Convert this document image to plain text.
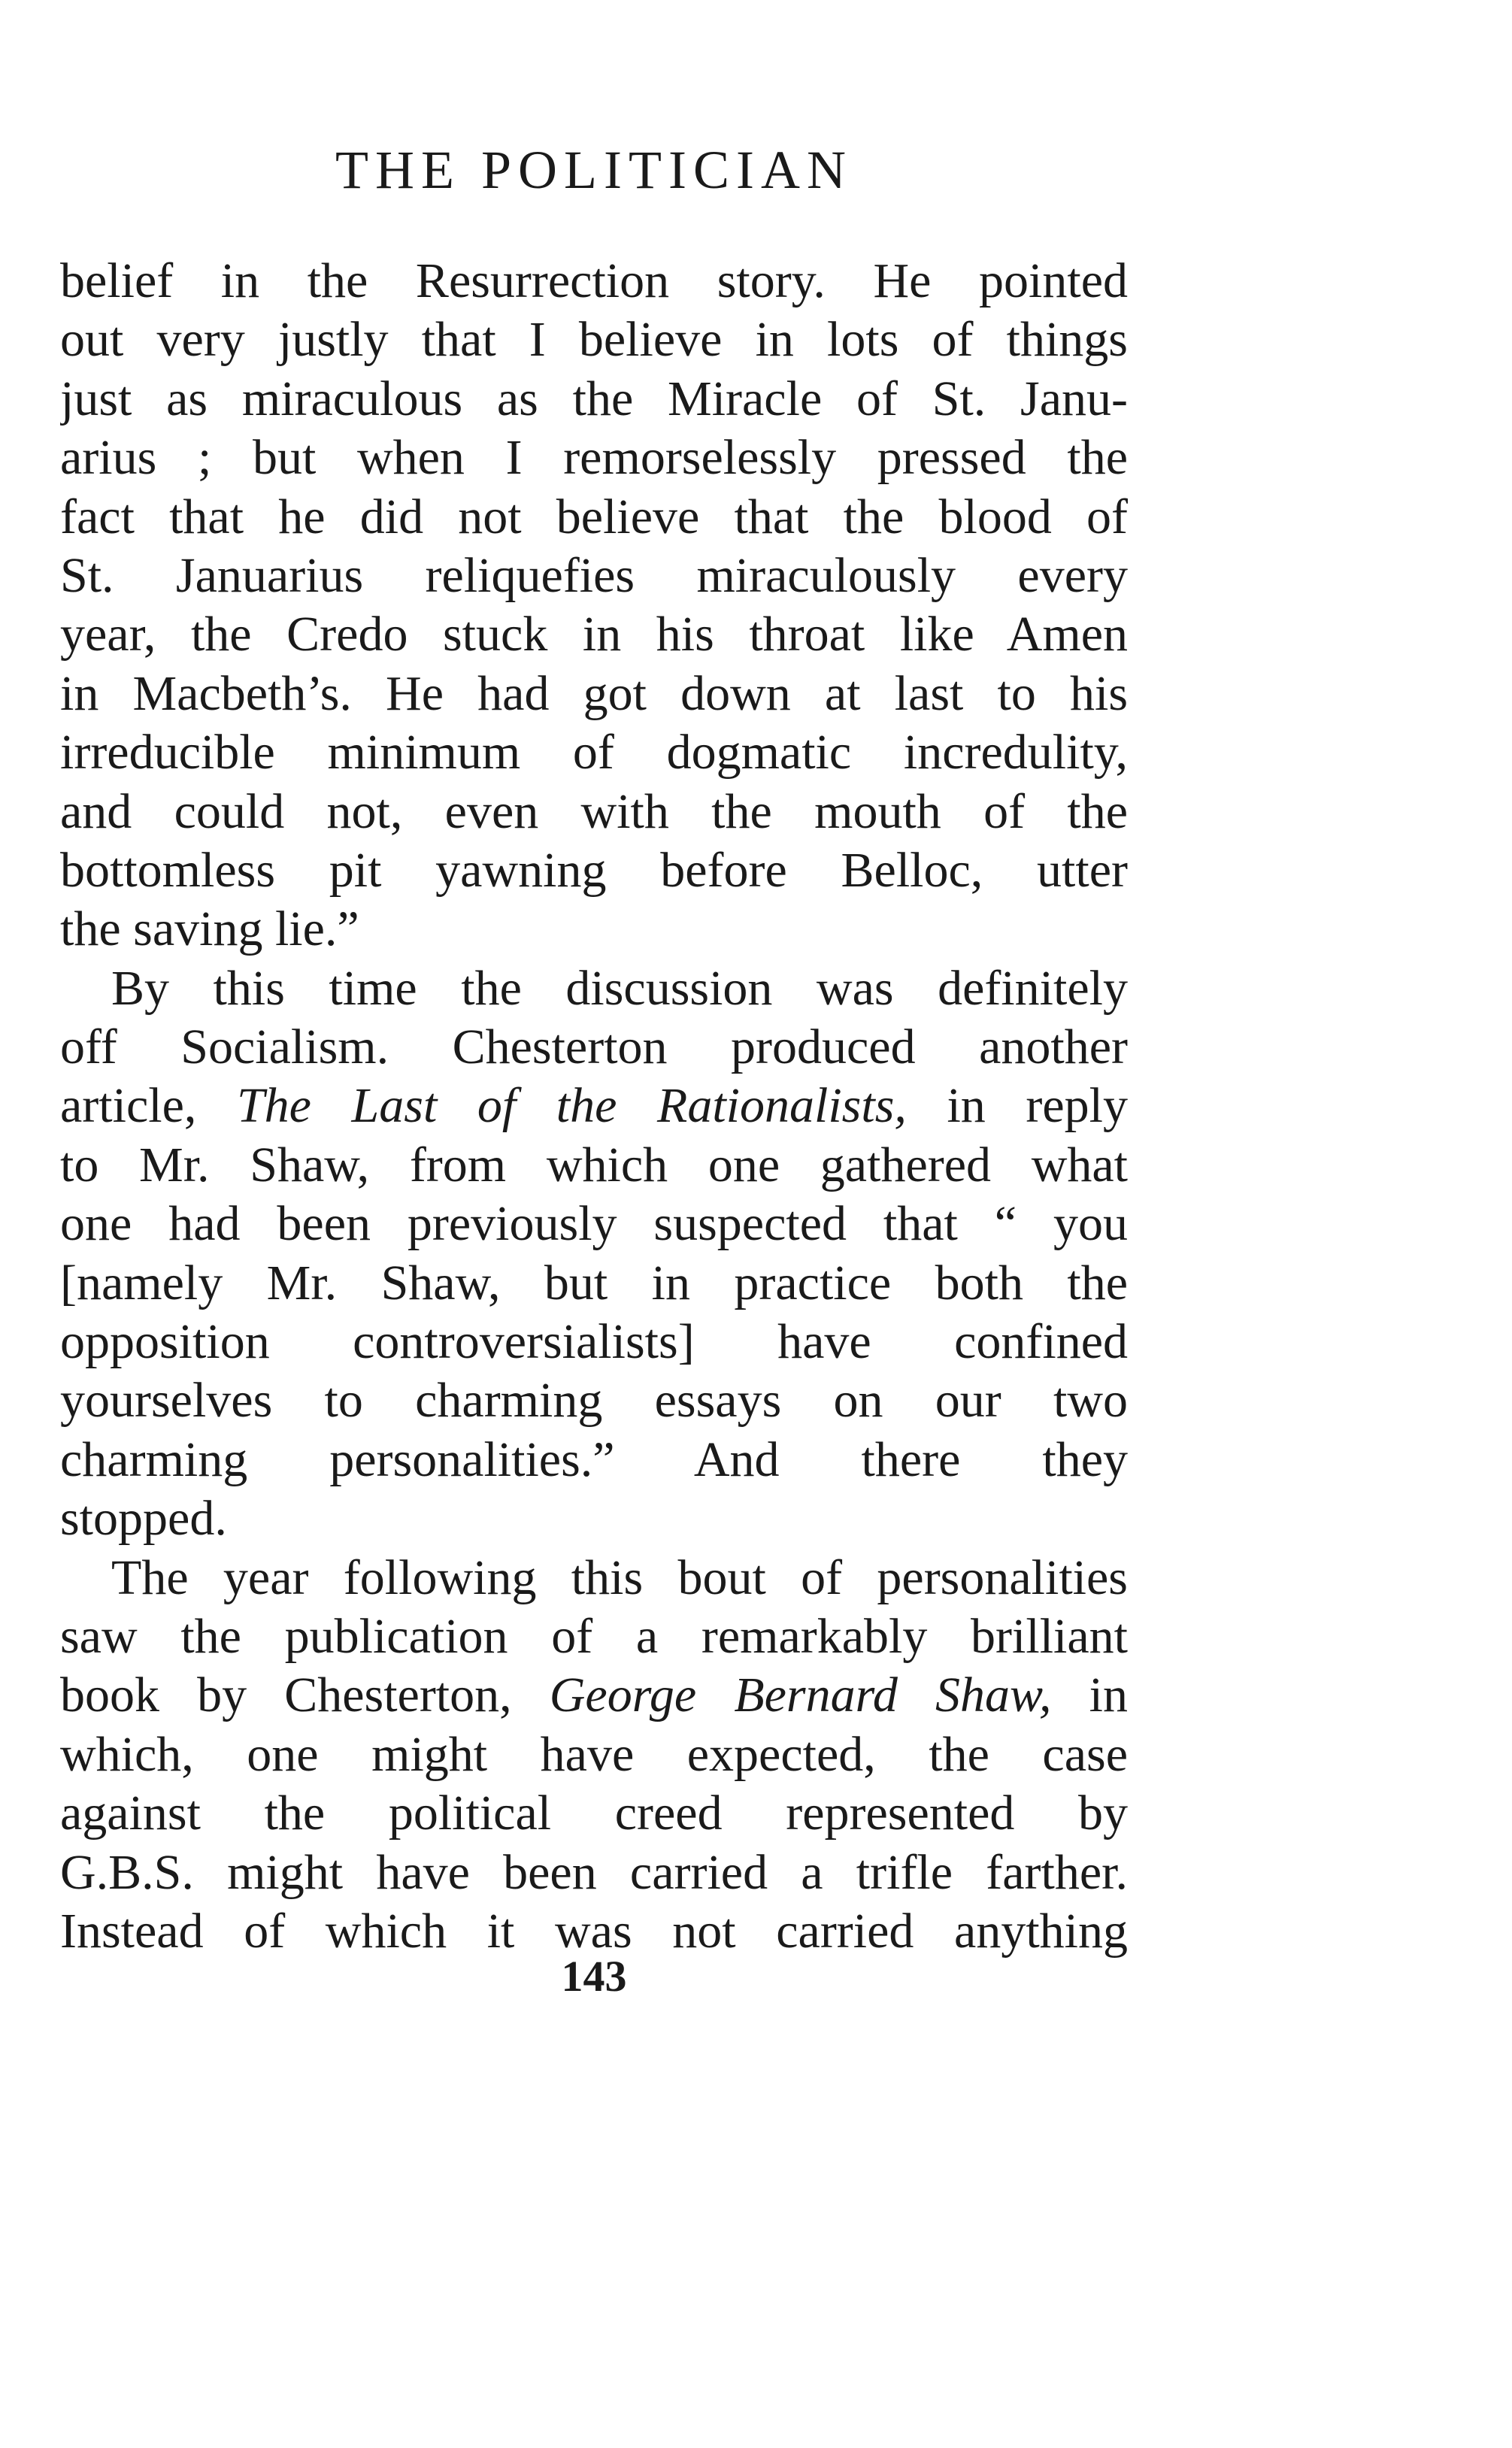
THE POLITICIAN
belief in the Resurrection story. He pointed
out very justly that I believe in lots of things
just as miraculous as the Miracle of St. Janu-
arius ; but when I remorselessly pressed the
fact that he did not believe that the blood of
St. Januarius reliquefies miraculously every
year, the Credo stuck in his throat like Amen
in Macbeth’s. He had got down at last to his
irreducible minimum of dogmatic incredulity,
and could not, even with the mouth of the
bottomless pit yawning before Belloc, utter
the saving lie.”
By this time the discussion was definitely
off Socialism. Chesterton produced another
article, The Last of the Rationalists, in reply
to Mr. Shaw, from which one gathered what
one had been previously suspected that “ you
[namely Mr. Shaw, but in practice both the
opposition controversialists] have confined
yourselves to charming essays on our two
charming personalities.” And there they
stopped.
The year following this bout of personalities
saw the publication of a remarkably brilliant
book by Chesterton, George Bernard Shaw, in
which, one might have expected, the case
against the political creed represented by
G.B.S. might have been carried a trifle farther.
Instead of which it was not carried anything
143
